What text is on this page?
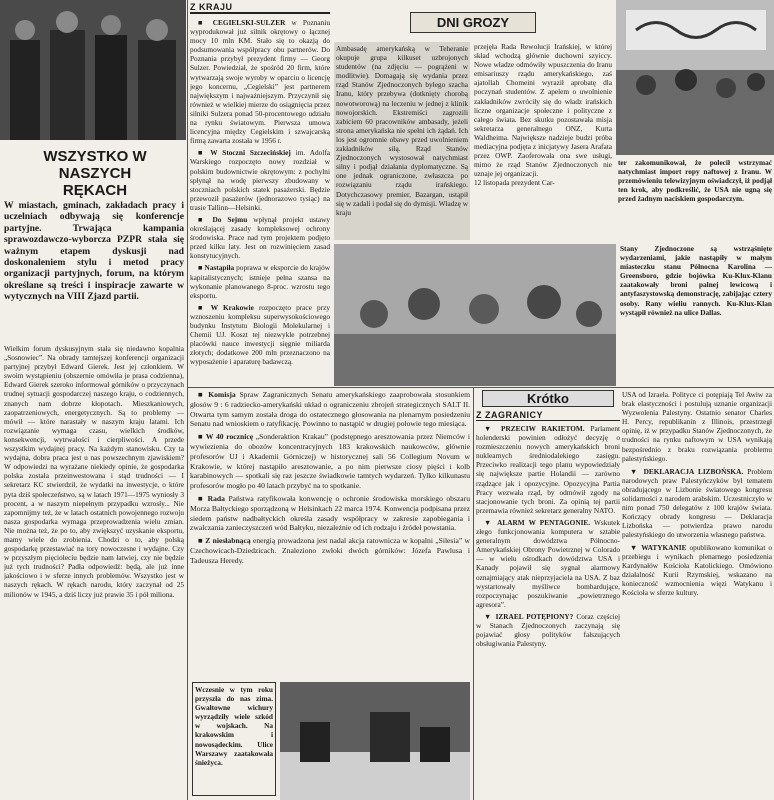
WSZYSTKO W NASZYCH RĘKACH
W miastach, gminach, zakładach pracy i uczelniach odbywają się konferencje partyjne. Trwająca kampania sprawozdawczo-wyborcza PZPR stała się ważnym etapem dyskusji nad doskonaleniem stylu i metod pracy organizacji partyjnych, forum, na którym określane są treści i inspiracje zawarte w wytycznych na VIII Zjazd partii.
Wielkim forum dyskusyjnym stała się niedawno kopalnia „Sosnowiec”. Na obrady tamtejszej konferencji organizacji partyjnej przybył Edward Gierek. Jest jej członkiem. W swoim wystąpieniu (obszernie omówiła je prasa codzienna), Edward Gierek szeroko informował górników o przyczynach trudnej sytuacji gospodarczej naszego kraju, o codziennych, znanych nam dobrze kłopotach. Mieszkaniowych, zaopatrzeniowych, energetycznych. Są to problemy — mówił — które narastały w naszym kraju latami. Ich rozwiązanie wymaga czasu, wielkich środków, konsekwencji, wytrwałości i cierpliwości. A przede wszystkim wydajnej pracy. Na każdym stanowisku. Czy ta wydajna, dobra praca jest u nas powszechnym zjawiskiem? W odpowiedzi na wyrażane niekiedy opinie, że gospodarka polska została przeinwestowana i stąd trudności — I sekretarz KC stwierdził, że wydatki na inwestycje, o które pyta dziś społeczeństwo, są w latach 1971—1975 wyniosły 3 procent, a w naszym niepełnym przypadku wzrosły... Nie zapomnijmy też, że w latach ostatnich powojennego rozwoju nasza gospodarka wymaga przeprowadzenia wielu zmian. Nie można też, że po to, aby zwiększyć uzyskanie eksportu, mamy wiele do zrobienia. Chodzi o to, aby polską gospodarkę przestawiać na tory nowoczesne i wydajne. Czy w przyszłym pięcioleciu będzie nam łatwiej, czy nie będzie już tych trudności? Padła odpowiedź: będą, ale już inne jakościowo i w sferze innych problemów. Wszystko jest w naszych rękach. W rękach narodu, który zaczynał od 25 milionów w 1945, a dziś liczy już prawie 35 i pół miliona.
Z KRAJU

■ CEGIELSKI-SULZER w Poznaniu wyprodukował już silnik okrętowy o łącznej mocy 10 mln KM. Stało się to okazją do podsumowania współpracy obu partnerów. Do Poznania przybył prezydent firmy — Georg Sulzer. Powiedział, że spośród 20 firm, które wytwarzają swoje wyroby w oparciu o licencję jego koncernu, „Cegielski” jest partnerem największym i najważniejszym. Przyczynił się również w wielkiej mierze do osiągnięcia przez silniki Sulzera ponad 50-procentowego udziału na rynku światowym. Pierwsza umowa licencyjna między Cegielskim i szwajcarską firmą zawarta została w 1956 r.

■ W Stoczni Szczecińskiej im. Adolfa Warskiego rozpoczęto nowy rozdział w polskim budownictwie okrętowym: z pochylni spłynął na wodę pierwszy zbudowany w stoczniach polskich statek pasażerski. Będzie przewoził pasażerów (jednorazowo tysiąc) na trasie Tallinn—Helsinki.

■ Do Sejmu wpłynął projekt ustawy określającej zasady kompleksowej ochrony środowiska. Prace nad tym projektem podjęto przed kilku laty. Jest on rozwinięciem zasad konstytucyjnych.

■ Nastąpiła poprawa w eksporcie do krajów kapitalistycznych; istnieje pełna szansa na wykonanie planowanego 8-proc. wzrostu tego eksportu.

■ W Krakowie rozpoczęto prace przy wznoszeniu kompleksu superwysokościowego budynku Instytutu Biologii Molekularnej i Chemii UJ. Koszt tej niezwykle potrzebnej placówki nauce inwestycji sięgnie miliarda złotych; dodatkowe 200 mln przeznaczono na wyposażenie i aparaturę badawczą.

DNI GROZY
Ambasadę amerykańską w Teheranie okupuje grupa kilkuset uzbrojonych studentów (na zdjęciu — pogrążeni w modlitwie). Domagają się wydania przez rząd Stanów Zjednoczonych byłego szacha Iranu, który przebywa (dotknięty chorobą nowotworową) na leczeniu w jednej z klinik nowojorskich. Ekstremiści zagrozili zabiciem 60 pracowników ambasady, jeżeli strona amerykańska nie spełni ich żądań. Ich los jest ogromnie obawy przed uwolnieniem zakładników siłą. Rząd Stanów Zjednoczonych wystosował natychmiast silny i podjął działania dyplomatyczne. Są one jednak ograniczone, zwłaszcza po rozwiązaniu rządu irańskiego. Dotychczasowy premier, Bazargan, ustąpił się w zadali i podał się do dymisji. Władzę w kraju
przejęła Rada Rewolucji Irańskiej, w której skład wchodzą głównie duchowni szyiccy. Nowe władze odmówiły wpuszczenia do Iranu emisariuszy rządu amerykańskiego, zaś ajatollah Chomeini wyraził aprobatę dla poczynań studentów. Z apelem o uwolnienie zakładników zwróciły się do władz irańskich liczne organizacje społeczne i polityczne z całego świata. Bez skutku pozostawała misja sekretarza generalnego ONZ, Kurta Waldheima. Największe nadzieje budzi próba mediacyjna podjęta z inicjatywy Jasera Arafata przez OWP. Zaoferowała ona swe usługi, mimo że rząd Stanów Zjednoczonych nie uznaje jej organizacji.
12 listopada prezydent Car-
ter zakomunikował, że polecił wstrzymać natychmiast import ropy naftowej z Iranu. W przemówieniu telewizyjnym oświadczył, iż podjął ten krok, aby podkreślić, że USA nie ugną się przed żadnym naciskiem gospodarczym.
Stany Zjednoczone są wstrząśnięte wydarzeniami, jakie nastąpiły w małym miasteczku stanu Północna Karolina — Greensboro, gdzie bojówka Ku-Klux-Klanu zaatakowały broni palnej lewicową i antyfaszystowską demonstrację, zabijając cztery osoby. Rany wieliu rannych. Ku-Klux-Klan wystąpił również na ulice Dallas.

■ Komisja Spraw Zagranicznych Senatu amerykańskiego zaaprobowała stosunkiem głosów 9 : 6 radziecko-amerykański układ o ograniczeniu zbrojeń strategicznych SALT II. Otwarta tym samym została droga do ostatecznego głosowania na plenarnym posiedzeniu Senatu nad wnioskiem o ratyfikację. Powinno to nastąpić w drugiej połowie tego miesiąca.

■ W 40 rocznicę „Sonderaktion Krakau” (podstępnego aresztowania przez Niemców i wywiezienia do obozów koncentracyjnych 183 krakowskich naukowców, głównie profesorów UJ i Akademii Górniczej) w historycznej sali 56 Collegium Novum w Krakowie, w której nastąpiło aresztowanie, a po nim pierwsze ciosy pięści i kolb karabinowych — spotkali się raz jeszcze świadkowie tamtych wydarzeń. Tylko kilkunastu profesorów mogło po 40 latach przybyć na to spotkanie.

■ Rada Państwa ratyfikowała konwencję o ochronie środowiska morskiego obszaru Morza Bałtyckiego sporządzoną w Helsinkach 22 marca 1974. Konwencja podpisana przez siedem państw nadbałtyckich określa zasady współpracy w zakresie zapobiegania i zwalczania zanieczyszczeń wód Bałtyku, niezależnie od ich rodzaju i źródeł powstania.

■ Z niesłabnącą energią prowadzona jest nadal akcja ratownicza w kopalni „Silesia” w Czechowicach-Dziedzicach. Znaleziono zwłoki dwóch górników: Józefa Pawlusa i Tadeusza Heredy.

Wczesnie w tym roku przyszła do nas zima. Gwałtowne wichury wyrządziły wiele szkód w wojskach. Na krakowskim i nowosądeckim. Ulice Warszawy zaatakowała śnieżyca.
Krótko
Z ZAGRANICY

▼ PRZECIW RAKIETOM. Parlament holenderski powinien odłożyć decyzję o rozmieszczeniu nowych amerykańskich broni nuklearnych średniodalekiego zasięgu. Przeciwko realizacji tego planu wypowiedziały się największe partie Holandii — zarówno rządzące jak i opozycyjne. Opozycyjna Partia Pracy wezwała rząd, by odmówił zgody na stacjonowanie tych broni. Za opinią tej partii przemawia również sekretarz generalny NATO.

▼ ALARM W PENTAGONIE. Wskutek złego funkcjonowania komputera w sztabie generalnym dowództwa Północno-Amerykańskiej Obrony Powietrznej w Colorado — w wielu ośrodkach dowództwa USA i Kanady pojawił się sygnał alarmowy oznajmiający atak nieprzyjaciela na USA. Z baz wystartowały myśliwce bombardujące, rozpoczynając poszukiwanie „powietrznego agresora”.

▼ IZRAEL POTĘPIONY? Coraz częściej w Stanach Zjednoczonych zaczynają się pojawiać głosy polityków fałszujących obsługiwania Palestyny.

USA od Izraela. Polityce ci potępiają Tel Awiw za brak elastyczności i postulują uznanie organizacji Wyzwolenia Palestyny. Ostatnio senator Charles H. Percy, republikanin z Illinois, przestrzegł opinię, iż w przypadku Stanów Zjednoczonych, że trudności na rynku naftowym w USA wynikają bezpośrednio z braku rozwiązania problemu palestyńskiego.

▼ DEKLARACJA LIZBOŃSKA. Problem narodowych praw Palestyńczyków był tematem obradującego w Lizbonie światowego kongresu solidarności z narodem arabskim. Uczestniczyło w nim ponad 750 delegatów z 100 krajów świata. Kończący obrady kongresu — Deklaracja Lizbońska — potwierdza prawo narodu palestyńskiego do utworzenia własnego państwa.

▼ WATYKANIE opublikowano komunikat o przebiegu i wynikach plenarnego posiedzenia Kardynałów Kościoła Katolickiego. Omówiono działalność Kurii Rzymskiej, wskazano na konieczność wzmocnienia więzi Watykanu i Kościoła w sferze kultury.
